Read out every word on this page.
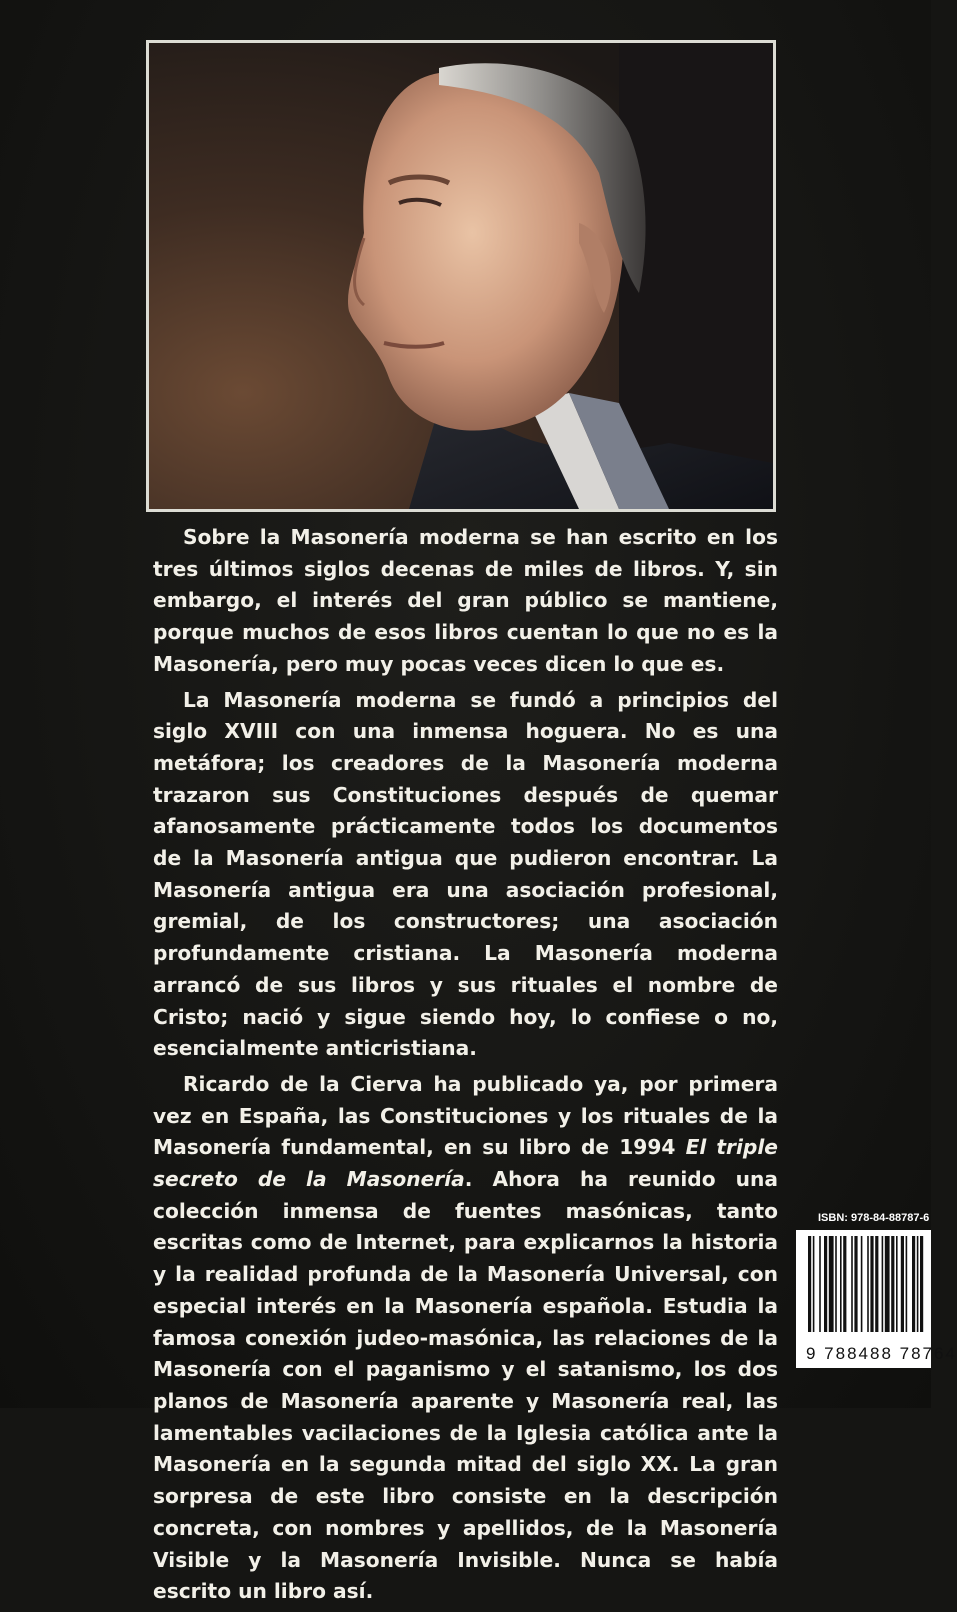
Sobre la Masonería moderna se han escrito en los tres últimos siglos decenas de miles de libros. Y, sin embargo, el interés del gran público se mantiene, porque muchos de esos libros cuentan lo que no es la Masonería, pero muy pocas veces dicen lo que es.

La Masonería moderna se fundó a principios del siglo XVIII con una inmensa hoguera. No es una metáfora; los creadores de la Masonería moderna trazaron sus Constituciones después de quemar afanosamente prácticamente todos los documentos de la Masonería antigua que pudieron encontrar. La Masonería antigua era una asociación profesional, gremial, de los constructores; una asociación profundamente cristiana. La Masonería moderna arrancó de sus libros y sus rituales el nombre de Cristo; nació y sigue siendo hoy, lo confiese o no, esencialmente anticristiana.

Ricardo de la Cierva ha publicado ya, por primera vez en España, las Constituciones y los rituales de la Masonería fundamental, en su libro de 1994 El triple secreto de la Masonería. Ahora ha reunido una colección inmensa de fuentes masónicas, tanto escritas como de Internet, para explicarnos la historia y la realidad profunda de la Masonería Universal, con especial interés en la Masonería española. Estudia la famosa conexión judeo-masónica, las relaciones de la Masonería con el paganismo y el satanismo, los dos planos de Masonería aparente y Masonería real, las lamentables vacilaciones de la Iglesia católica ante la Masonería en la segunda mitad del siglo XX. La gran sorpresa de este libro consiste en la descripción concreta, con nombres y apellidos, de la Masonería Visible y la Masonería Invisible. Nunca se había escrito un libro así.

ISBN: 978-84-88787-6
9 788488 78764
